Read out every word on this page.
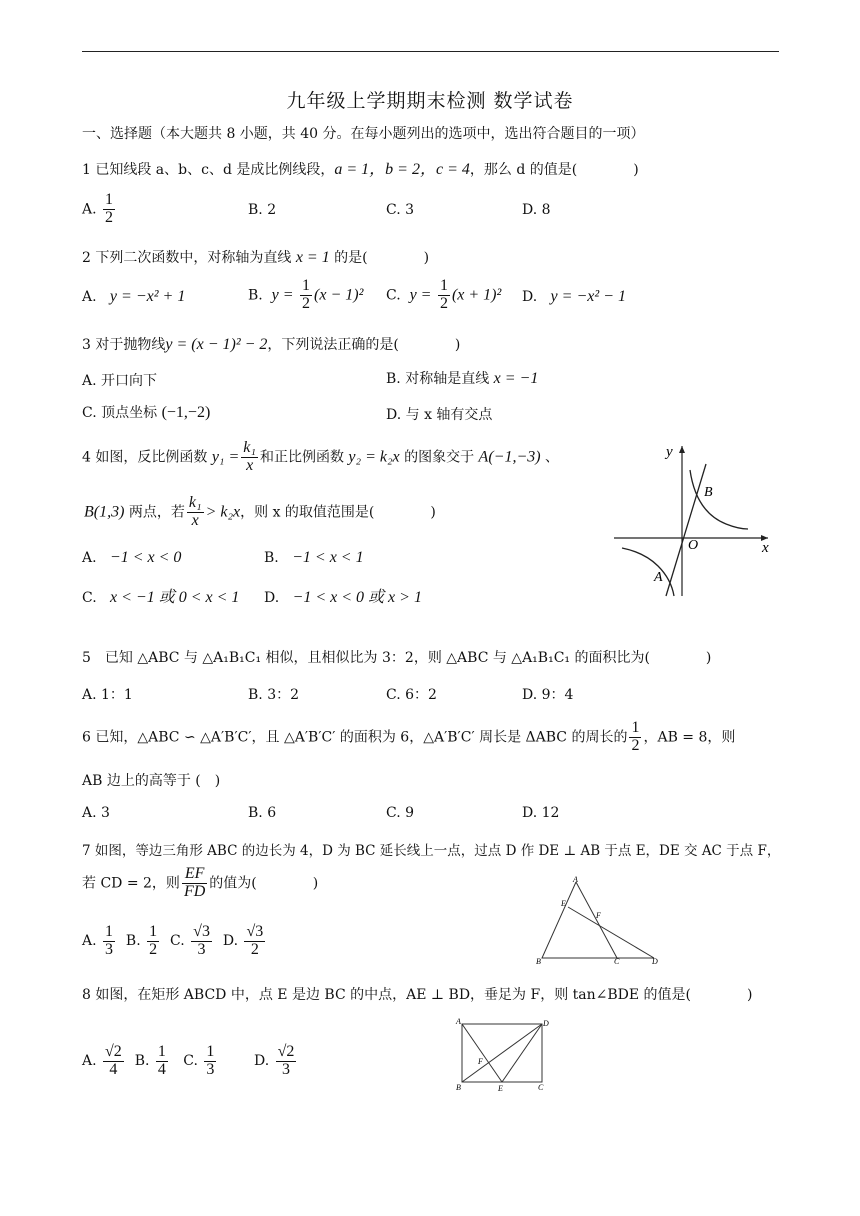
九年级上学期期末检测 数学试卷
一、选择题（本大题共 8 小题，共 40 分。在每小题列出的选项中，选出符合题目的一项）
1 已知线段 a、b、c、d 是成比例线段，a = 1，b = 2，c = 4，那么 d 的值是(　　　　)
A. $\frac{1}{2}$	B. 2	C. 3	D. 8
2 下列二次函数中，对称轴为直线 x = 1 的是(　　　　)
A. y = −x² + 1	B. $y = \frac{1}{2} (x - 1)^2$ C. $y = \frac{1}{2} (x + 1)^2$ D. y = −x² − 1
3 对于抛物线y = (x − 1)² − 2，下列说法正确的是(　　　　)
A. 开口向下	B. 对称轴是直线 x = −1
C. 顶点坐标 (−1,−2)	D. 与 x 轴有交点
4 如图，反比例函数 $y_1 = \frac{\text{k₁}}{x}$ 和正比例函数 y₂ = k₂x 的图象交于 A(−1,−3) 、
B(1,3) 两点，若 $\frac{\text{k₁}}{x} > k_2x$，则 x 的取值范围是(　　　　)
A. −1 < x < 0	B. −1 < x < 1
C. x < −1 或 0 < x < 1 D. −1 < x < 0 或 x > 1
y
x
O
B
A
5　已知 △ABC 与 △A₁B₁C₁ 相似，且相似比为 3：2，则 △ABC 与 △A₁B₁C₁ 的面积比为(　　　　)
A. 1：1	B. 3：2	C. 6：2	D. 9：4
6 已知，△ABC ∽ △A′B′C′，且 △A′B′C′ 的面积为 6，△A′B′C′ 周长是 ΔABC 的周长的 $\frac{1}{2}$ ，AB = 8，则
AB 边上的高等于 (　)
A. 3	B. 6	C. 9	D. 12
7 如图，等边三角形 ABC 的边长为 4，D 为 BC 延长线上一点，过点 D 作 DE ⊥ AB 于点 E，DE 交 AC 于点 F，
若 CD = 2，则 $\frac{EF}{FD}$ 的值为(　　　　)
A. $\frac{1}{3} B$. $\frac{1}{2} C$. $\frac{√3}{3} D$. $\frac{√3}{2}$
A
E
F
B	C	D
8 如图，在矩形 ABCD 中，点 E 是边 BC 的中点，AE ⊥ BD，垂足为 F，则 tan∠BDE 的值是(　　　　)
A. $\frac{√2}{4} B$. $\frac{1}{4} C$. $\frac{1}{3}$	D. $\frac{√2}{3}$
A	D
F
B	E	C
